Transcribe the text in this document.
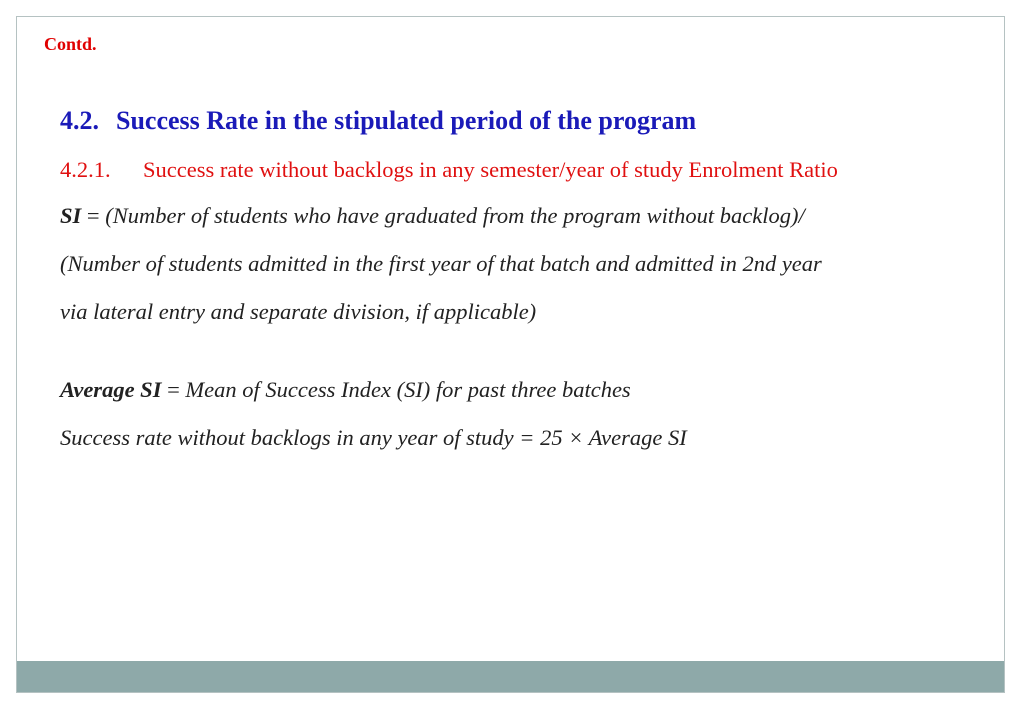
Contd.
4.2. Success Rate in the stipulated period of the program
4.2.1. Success rate without backlogs in any semester/year of study Enrolment Ratio
SI = (Number of students who have graduated from the program without backlog)/
(Number of students admitted in the first year of that batch and admitted in 2nd year
via lateral entry and separate division, if applicable)
Average SI = Mean of Success Index (SI) for past three batches
Success rate without backlogs in any year of study = 25 × Average SI
